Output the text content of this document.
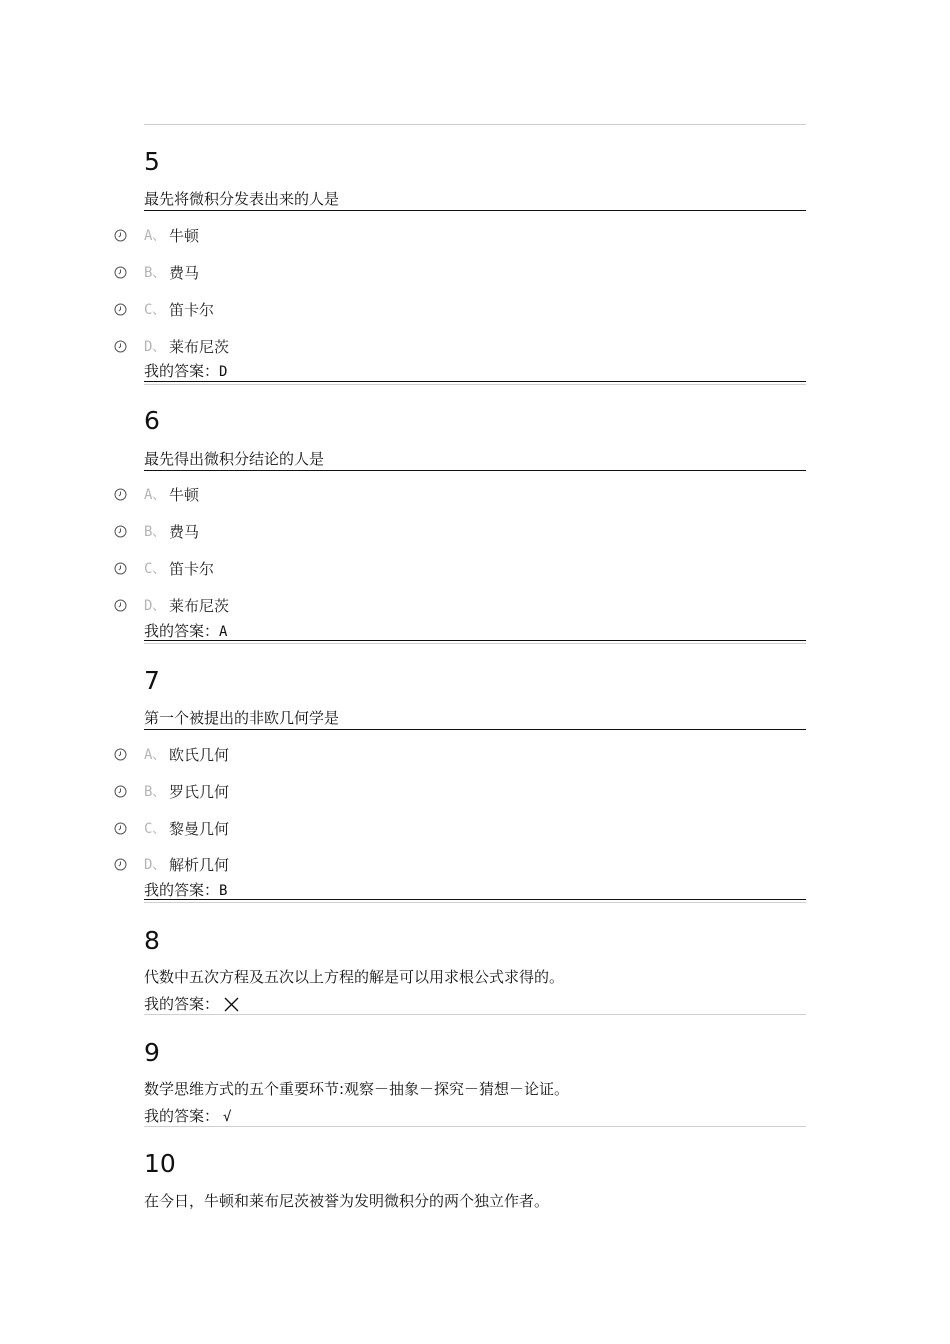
5
最先将微积分发表出来的人是
A 、 牛顿
B 、 费马
C 、 笛卡尔
D 、 莱布尼茨
我的答案：D
6
最先得出微积分结论的人是
A 、 牛顿
B 、 费马
C 、 笛卡尔
D 、 莱布尼茨
我的答案：A
7
第一个被提出的非欧几何学是
A 、 欧氏几何
B 、 罗氏几何
C 、 黎曼几何
D 、 解析几何
我的答案：B
8
代数中五次方程及五次以上方程的解是可以用求根公式求得的。
我的答案：
9
数学思维方式的五个重要环节:观察－抽象－探究－猜想－论证。
我的答案： √
10
在今日，牛顿和莱布尼茨被誉为发明微积分的两个独立作者。
